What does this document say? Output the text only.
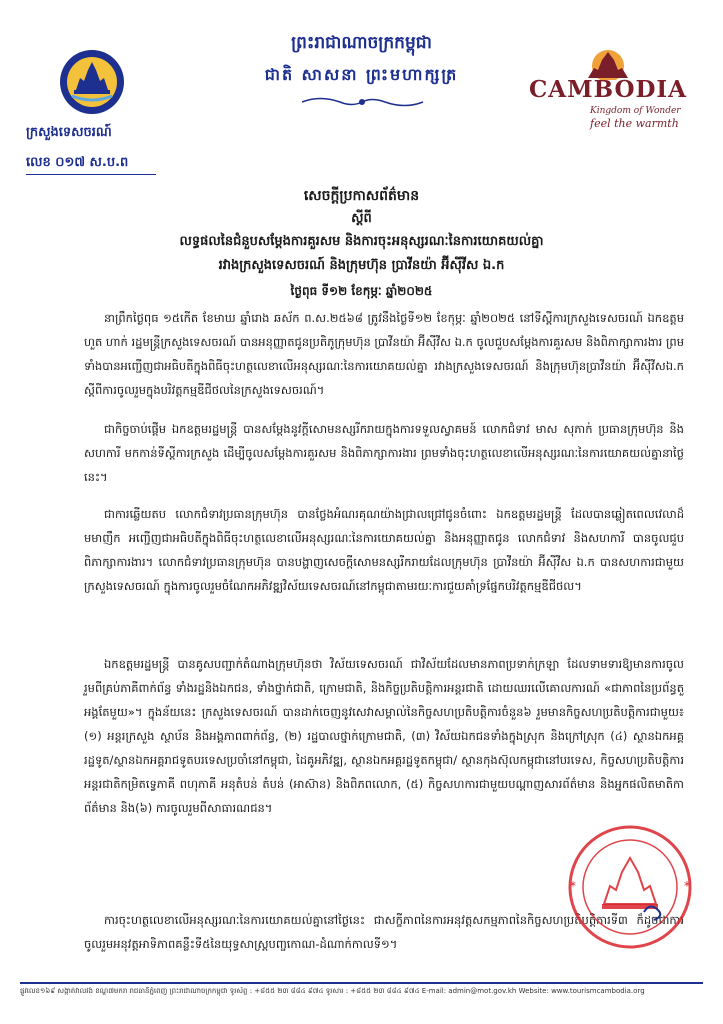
ក្រសួងទេសចរណ៍
លេខ ០១៧ ស.ប.ព
ព្រះរាជាណាចក្រកម្ពុជា
ជាតិ សាសនា ព្រះមហាក្សត្រ
CAMBODIA
Kingdom of Wonder
feel the warmth
សេចក្តីប្រកាសព័ត៌មាន
ស្តីពី
លទ្ធផលនៃជំនួបសម្តែងការគួរសម និងការចុះអនុស្សរណៈនៃការយោគយល់គ្នា
រវាងក្រសួងទេសចរណ៍ និងក្រុមហ៊ុន ប្រាវីនយ៉ា អ៊ីស៊ីវីស ឯ.ក
ថ្ងៃពុធ ទី១២ ខែកុម្ភៈ ឆ្នាំ២០២៥
នាព្រឹកថ្ងៃពុធ ១៥កើត ខែមាឃ ឆ្នាំរោង ឆស័ក ព.ស.២៥៦៨ ត្រូវនឹងថ្ងៃទី១២ ខែកុម្ភៈ ឆ្នាំ២០២៥ នៅទីស្តីការក្រសួងទេសចរណ៍ ឯកឧត្តម ហួត ហាក់ រដ្ឋមន្ត្រីក្រសួងទេសចរណ៍ បានអនុញ្ញាតជូនប្រតិភូក្រុមហ៊ុន ប្រាវីនយ៉ា អ៊ីស៊ីវីស ឯ.ក ចូលជួបសម្តែងការគួរសម និងពិភាក្សាការងារ ព្រមទាំងបានអញ្ជើញជាអធិបតីក្នុងពិធីចុះហត្ថលេខាលើអនុស្សរណៈនៃការយោគយល់គ្នា រវាងក្រសួងទេសចរណ៍ និងក្រុមហ៊ុនប្រាវីនយ៉ា អ៊ីស៊ីវីសឯ.ក ស្តីពីការចូលរួមក្នុងបរិវត្តកម្មឌីជីថលនៃក្រសួងទេសចរណ៍។
ជាកិច្ចចាប់ផ្តើម ឯកឧត្តមរដ្ឋមន្ត្រី បានសម្តែងនូវក្តីសោមនស្សរីករាយក្នុងការទទួលស្វាគមន៍ លោកជំទាវ មាស សុភាក់ ប្រធានក្រុមហ៊ុន និងសហការី មកកាន់ទីស្តីការក្រសួង ដើម្បីចូលសម្តែងការគួរសម និងពិភាក្សាការងារ ព្រមទាំងចុះហត្ថលេខាលើអនុស្សរណៈនៃការយោគយល់គ្នានាថ្ងៃនេះ។
ជាការឆ្លើយតប លោកជំទាវប្រធានក្រុមហ៊ុន បានថ្លែងអំណរគុណយ៉ាងជ្រាលជ្រៅជូនចំពោះ ឯកឧត្តមរដ្ឋមន្ត្រី ដែលបានឆ្លៀតពេលវេលាដ៏មមាញឹក អញ្ជើញជាអធិបតីក្នុងពិធីចុះហត្ថលេខាលើអនុស្សរណៈនៃការយោគយល់គ្នា និងអនុញ្ញាតជូន លោកជំទាវ និងសហការី បានចូលជួបពិភាក្សាការងារ។ លោកជំទាវប្រធានក្រុមហ៊ុន បានបង្ហាញសេចក្តីសោមនស្សរីករាយដែលក្រុមហ៊ុន ប្រាវីនយ៉ា អ៊ីស៊ីវីស ឯ.ក បានសហការជាមួយក្រសួងទេសចរណ៍ ក្នុងការចូលរួមចំណែកអភិវឌ្ឍវិស័យទេសចរណ៍នៅកម្ពុជាតាមរយៈការជួយគាំទ្រផ្នែកបរិវត្តកម្មឌីជីថល។
ឯកឧត្តមរដ្ឋមន្ត្រី បានគូសបញ្ជាក់តំណាងក្រុមហ៊ុនថា វិស័យទេសចរណ៍ ជាវិស័យដែលមានភាពប្រទាក់ក្រឡា ដែលទាមទារឱ្យមានការចូលរួមពីគ្រប់ភាគីពាក់ព័ន្ធ ទាំងរដ្ឋនិងឯកជន, ទាំងថ្នាក់ជាតិ, ក្រោមជាតិ, និងកិច្ចប្រតិបត្តិការអន្តរជាតិ ដោយឈរលើគោលការណ៍ «ជាភាពនៃប្រព័ន្ធតួអង្គតែមួយ»។ ក្នុងន័យនេះ ក្រសួងទេសចរណ៍ បានដាក់ចេញនូវសេវាសម្គាល់នៃកិច្ចសហប្រតិបត្តិការចំនួន៦ រួមមានកិច្ចសហប្រតិបត្តិការជាមួយ៖ (១) អន្តរក្រសួង ស្ថាប័ន និងអង្គភាពពាក់ព័ន្ធ, (២) រដ្ឋបាលថ្នាក់ក្រោមជាតិ, (៣) វិស័យឯកជនទាំងក្នុងស្រុក និងក្រៅស្រុក (៤) ស្ថានឯកអគ្គរដ្ឋទូត/ស្ថានឯកអគ្គរាជទូតបរទេសប្រចាំនៅកម្ពុជា, ដៃគូអភិវឌ្ឍ, ស្ថានឯកអគ្គរដ្ឋទូតកម្ពុជា/ ស្ថានកុងស៊ុលកម្ពុជានៅបរទេស, កិច្ចសហប្រតិបត្តិការអន្តរជាតិកម្រិតទ្វេភាគី ពហុភាគី អនុតំបន់ តំបន់ (អាស៊ាន) និងពិភពលោក, (៥) កិច្ចសហការជាមួយបណ្តាញសារព័ត៌មាន និងអ្នកផលិតមាតិកាព័ត៌មាន និង(៦) ការចូលរួមពីសាធារណជន។
ការចុះហត្ថលេខាលើអនុស្សរណៈនៃការយោគយល់គ្នានៅថ្ងៃនេះ ជាសក្ខីភាពនៃការអនុវត្តសកម្មភាពនៃកិច្ចសហប្រតិបត្តិការទី៣ ក៏ដូចជាការចូលរួមអនុវត្តអាទិភាពគន្លឹះទី៥នៃយុទ្ធសាស្ត្របញ្ចកោណ-ដំណាក់កាលទី១។
*
*
ផ្លូវលេខ១៦៩ សង្កាត់វាលវង់ ខណ្ឌ៧មករា រាជធានីភ្នំពេញ ព្រះរាជាណាចក្រកម្ពុជា ទូរស័ព្ទ : +៨៥៥ ២៣ ៨៨៤ ៩៧៤ ទូរសារ : +៨៥៥ ២៣ ៨៨៤ ៩៧៤ E-mail: admin@mot.gov.kh Website: www.tourismcambodia.org
